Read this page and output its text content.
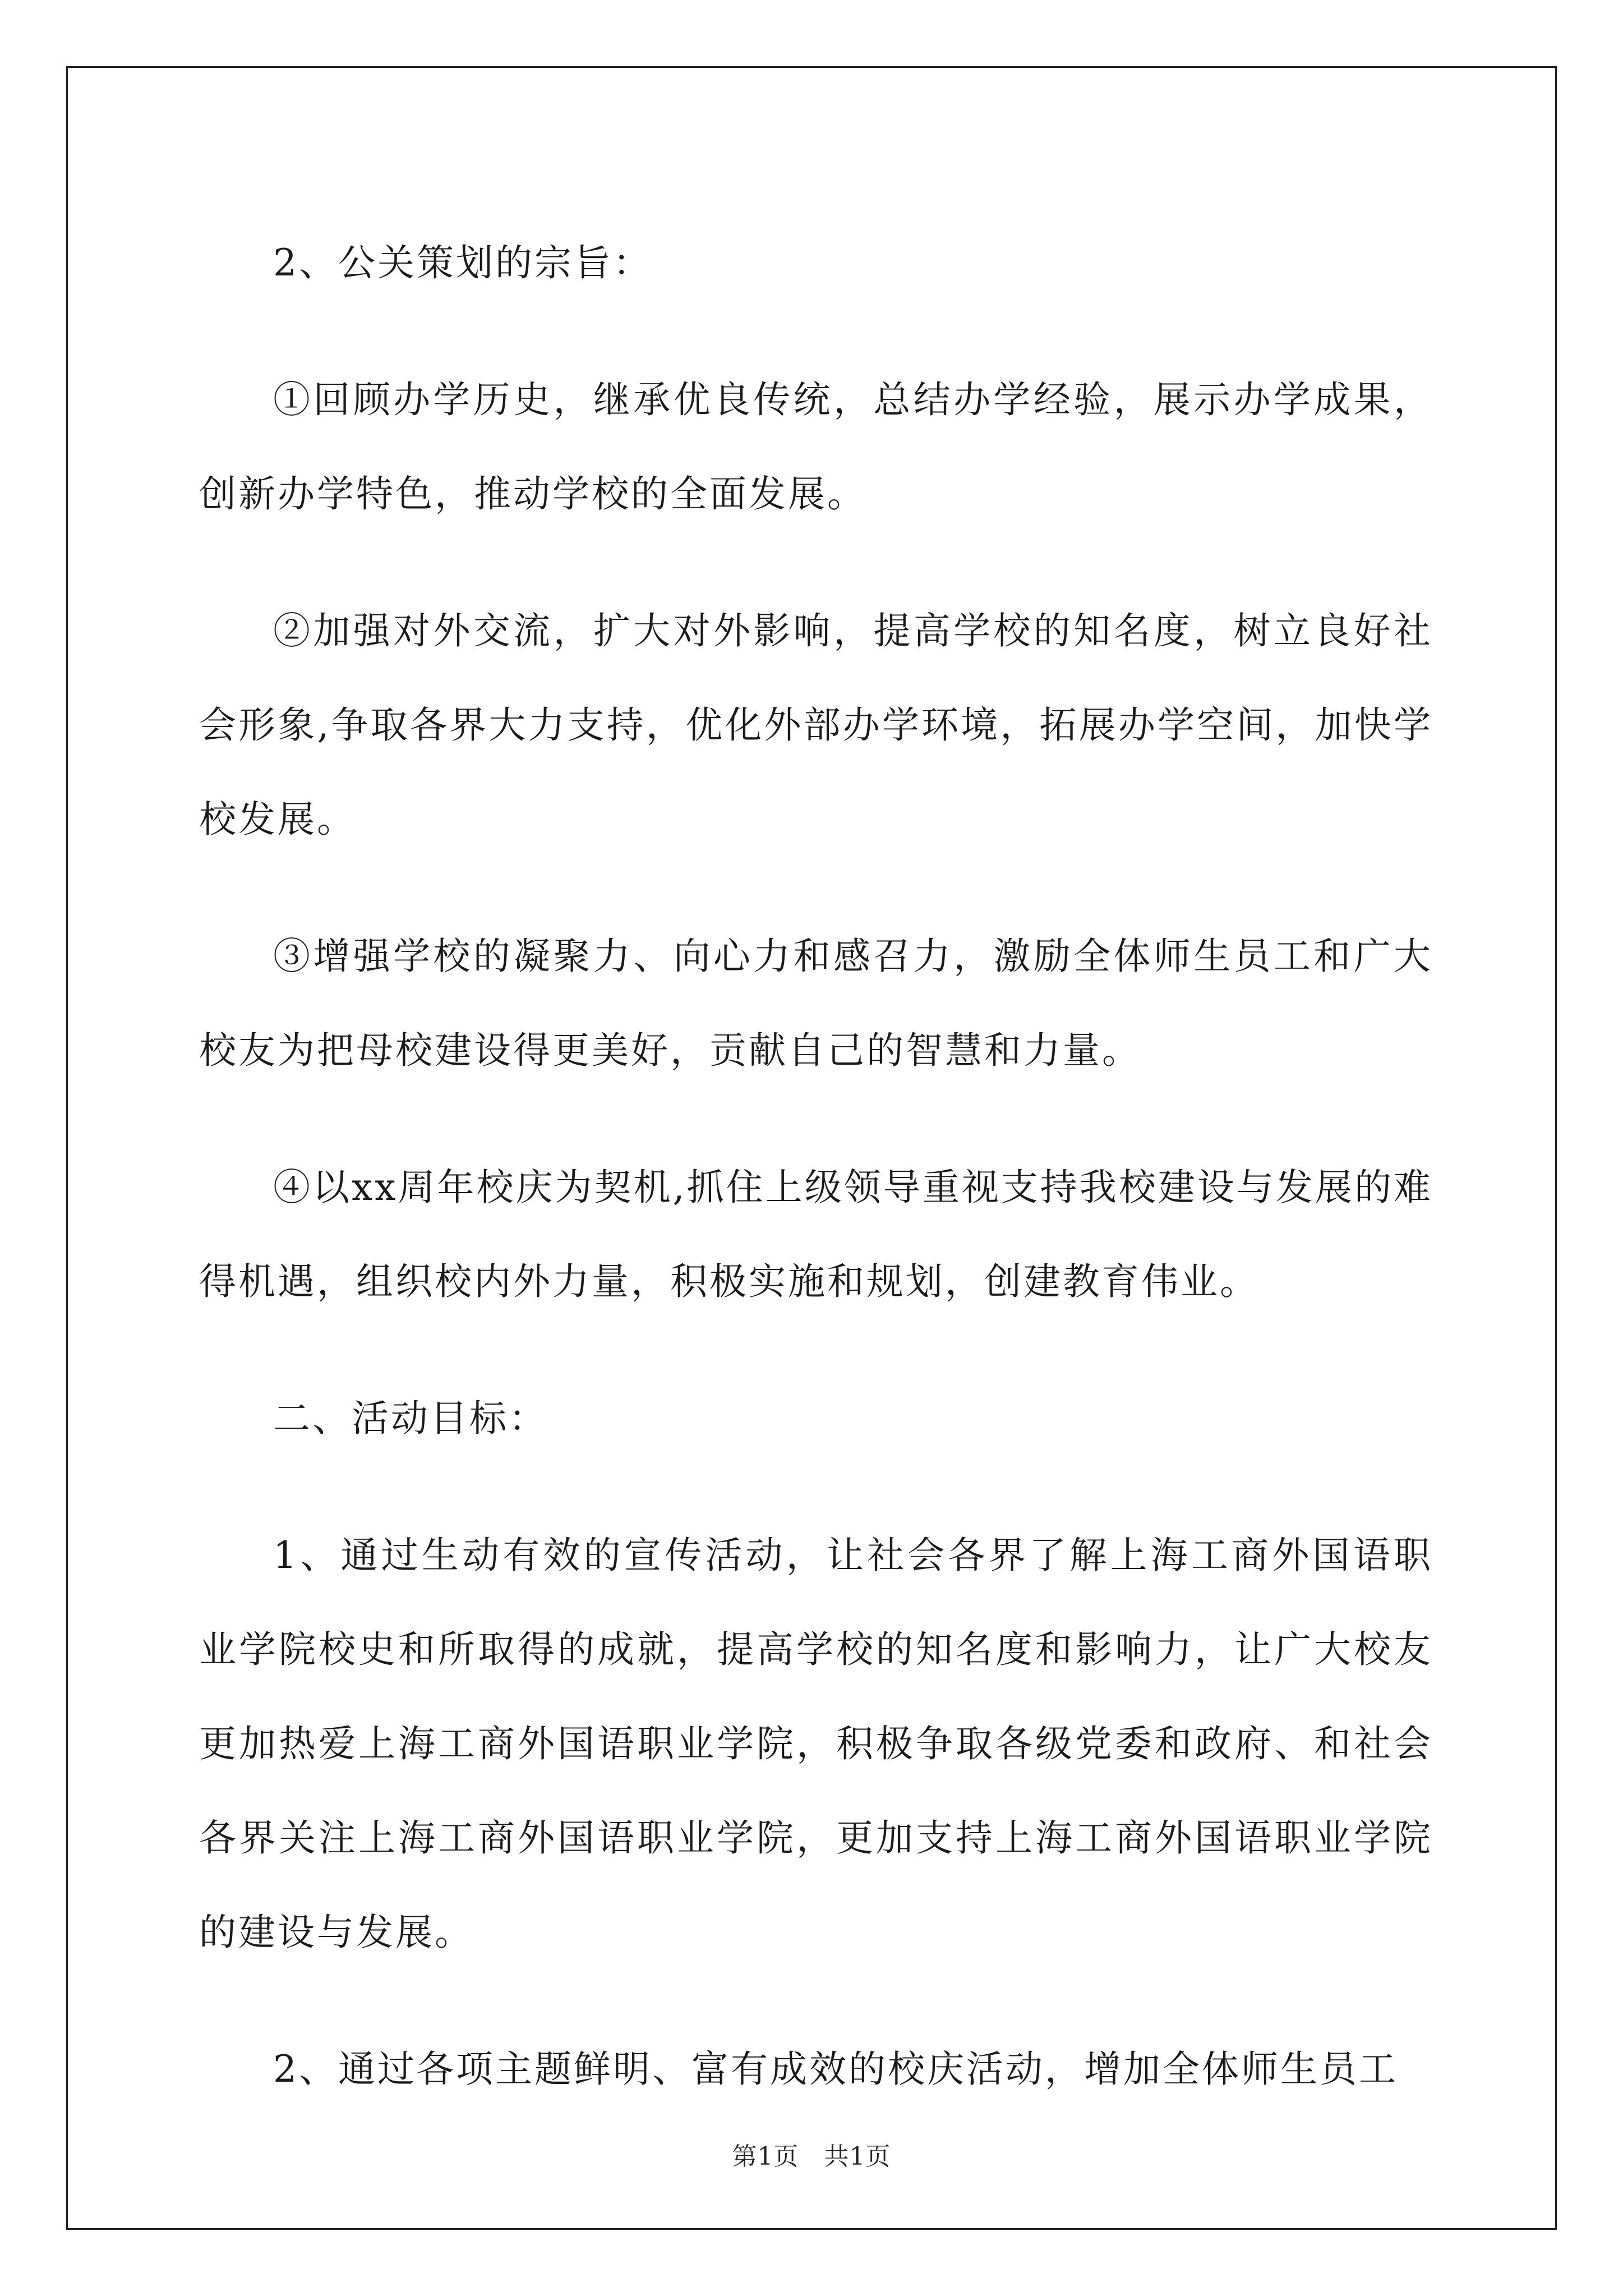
2、公关策划的宗旨：

①回顾办学历史，继承优良传统，总结办学经验，展示办学成果，创新办学特色，推动学校的全面发展。

②加强对外交流，扩大对外影响，提高学校的知名度，树立良好社会形象,争取各界大力支持，优化外部办学环境，拓展办学空间，加快学校发展。

③增强学校的凝聚力、向心力和感召力，激励全体师生员工和广大校友为把母校建设得更美好，贡献自己的智慧和力量。

④以xx周年校庆为契机,抓住上级领导重视支持我校建设与发展的难得机遇，组织校内外力量，积极实施和规划，创建教育伟业。

二、活动目标：

1、通过生动有效的宣传活动，让社会各界了解上海工商外国语职业学院校史和所取得的成就，提高学校的知名度和影响力，让广大校友更加热爱上海工商外国语职业学院，积极争取各级党委和政府、和社会各界关注上海工商外国语职业学院，更加支持上海工商外国语职业学院的建设与发展。

2、通过各项主题鲜明、富有成效的校庆活动，增加全体师生员工

第1页　共1页
